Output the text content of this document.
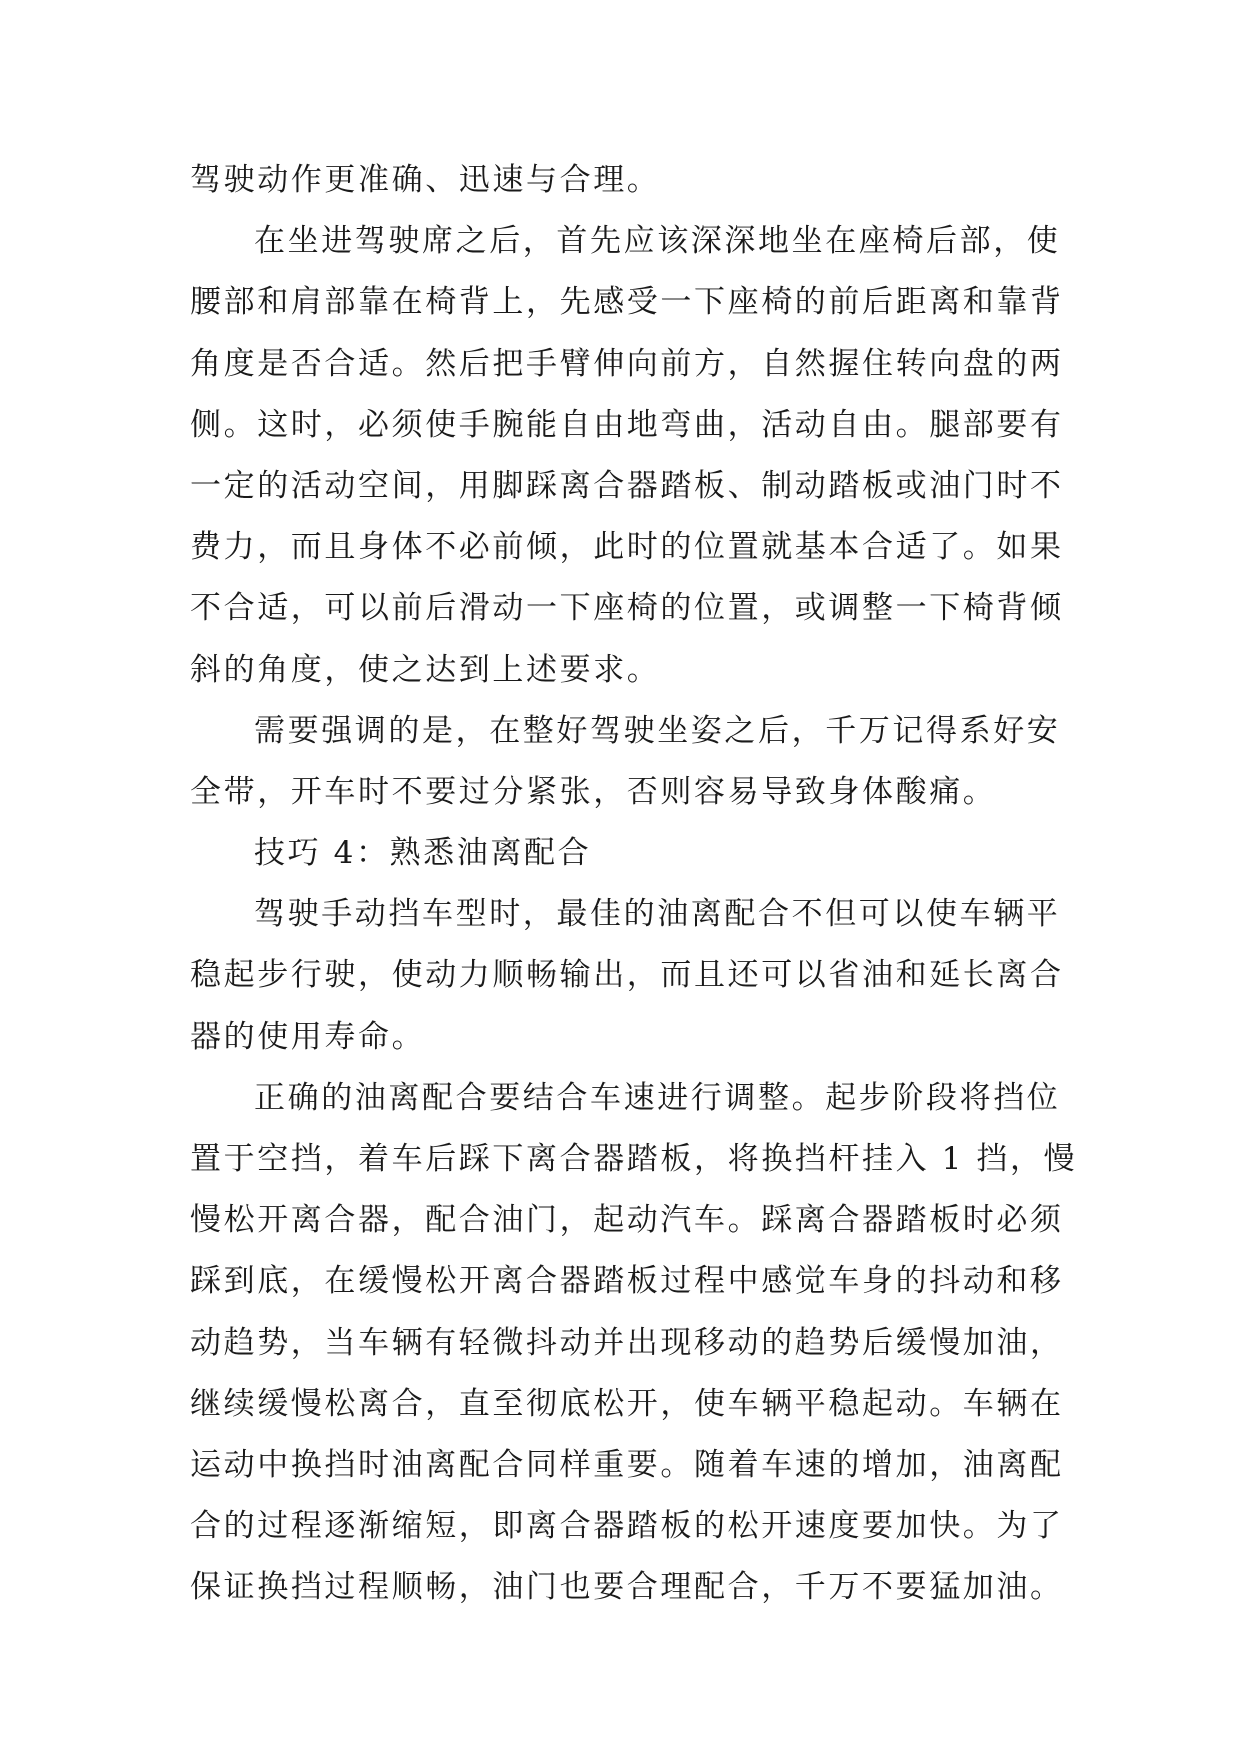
驾驶动作更准确、迅速与合理。
在坐进驾驶席之后，首先应该深深地坐在座椅后部，使
腰部和肩部靠在椅背上，先感受一下座椅的前后距离和靠背
角度是否合适。然后把手臂伸向前方，自然握住转向盘的两
侧。这时，必须使手腕能自由地弯曲，活动自由。腿部要有
一定的活动空间，用脚踩离合器踏板、制动踏板或油门时不
费力，而且身体不必前倾，此时的位置就基本合适了。如果
不合适，可以前后滑动一下座椅的位置，或调整一下椅背倾
斜的角度，使之达到上述要求。
需要强调的是，在整好驾驶坐姿之后，千万记得系好安
全带，开车时不要过分紧张，否则容易导致身体酸痛。
技巧 4：熟悉油离配合
驾驶手动挡车型时，最佳的油离配合不但可以使车辆平
稳起步行驶，使动力顺畅输出，而且还可以省油和延长离合
器的使用寿命。
正确的油离配合要结合车速进行调整。起步阶段将挡位
置于空挡，着车后踩下离合器踏板，将换挡杆挂入 1 挡，慢
慢松开离合器，配合油门，起动汽车。踩离合器踏板时必须
踩到底，在缓慢松开离合器踏板过程中感觉车身的抖动和移
动趋势，当车辆有轻微抖动并出现移动的趋势后缓慢加油，
继续缓慢松离合，直至彻底松开，使车辆平稳起动。车辆在
运动中换挡时油离配合同样重要。随着车速的增加，油离配
合的过程逐渐缩短，即离合器踏板的松开速度要加快。为了
保证换挡过程顺畅，油门也要合理配合，千万不要猛加油。
